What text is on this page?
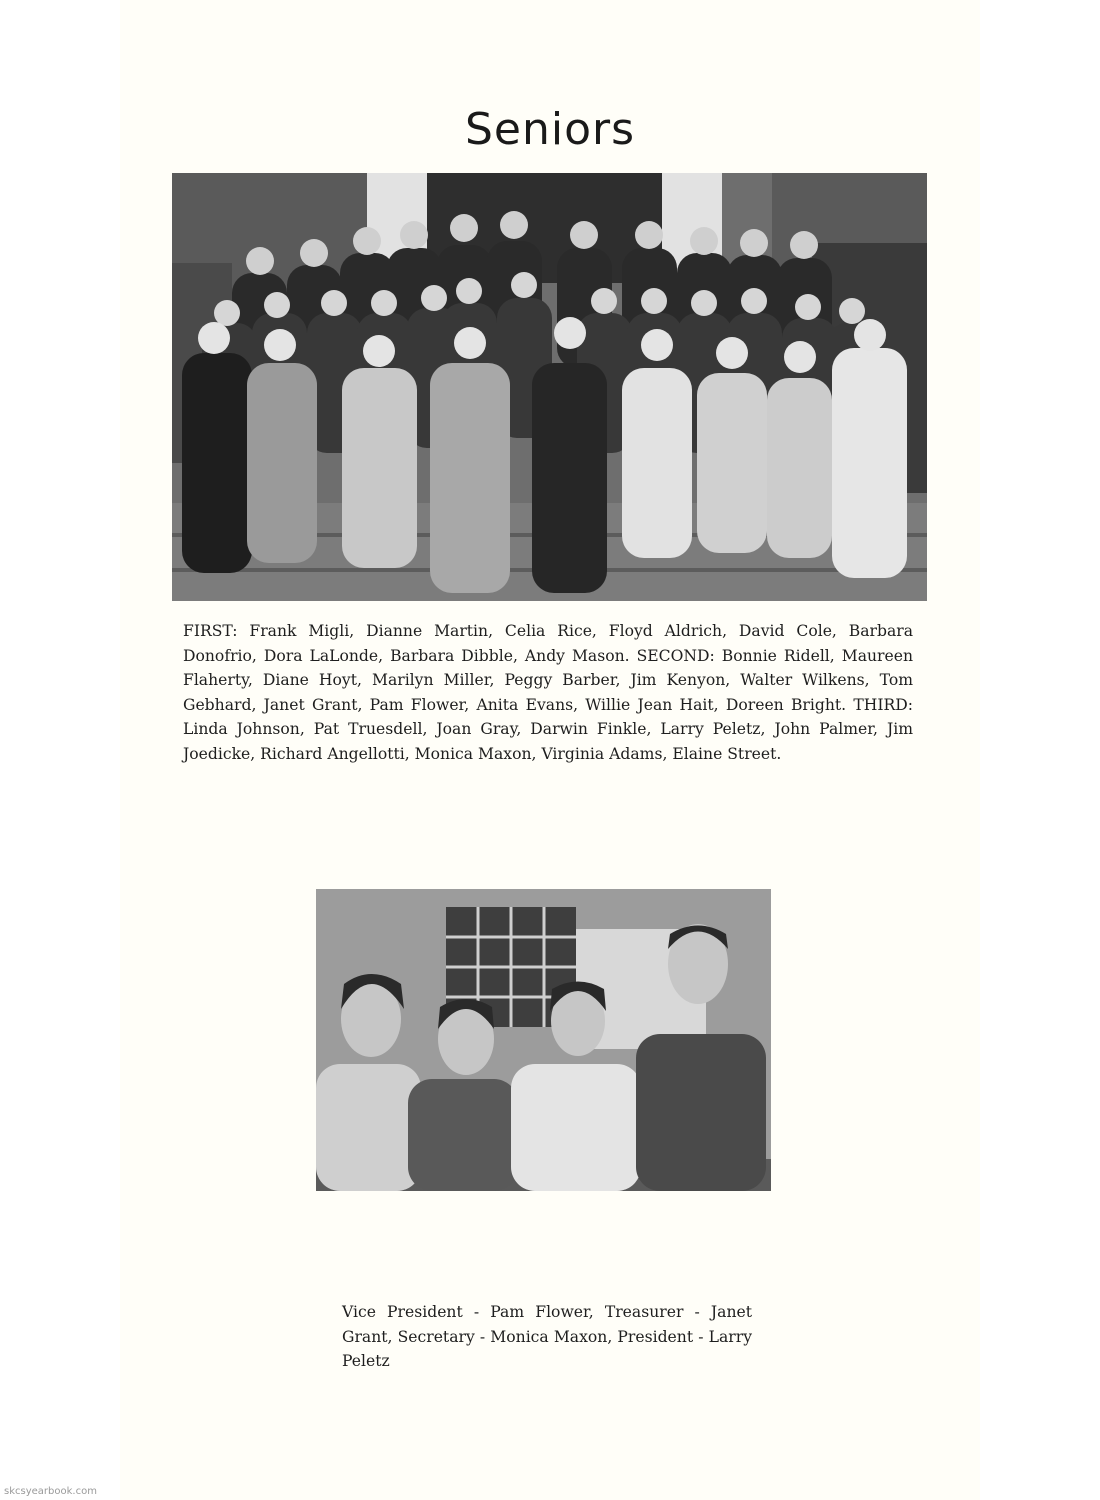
Seniors
FIRST: Frank Migli, Dianne Martin, Celia Rice, Floyd Aldrich, David Cole, Barbara Donofrio, Dora LaLonde, Barbara Dibble, Andy Mason. SECOND: Bonnie Ridell, Maureen Flaherty, Diane Hoyt, Marilyn Miller, Peggy Barber, Jim Kenyon, Walter Wilkens, Tom Gebhard, Janet Grant, Pam Flower, Anita Evans, Willie Jean Hait, Doreen Bright. THIRD: Linda Johnson, Pat Truesdell, Joan Gray, Darwin Finkle, Larry Peletz, John Palmer, Jim Joedicke, Richard Angellotti, Monica Maxon, Virginia Adams, Elaine Street.
Vice President - Pam Flower, Treasurer - Janet Grant, Secretary - Monica Maxon, President - Larry Peletz
skcsyearbook.com
